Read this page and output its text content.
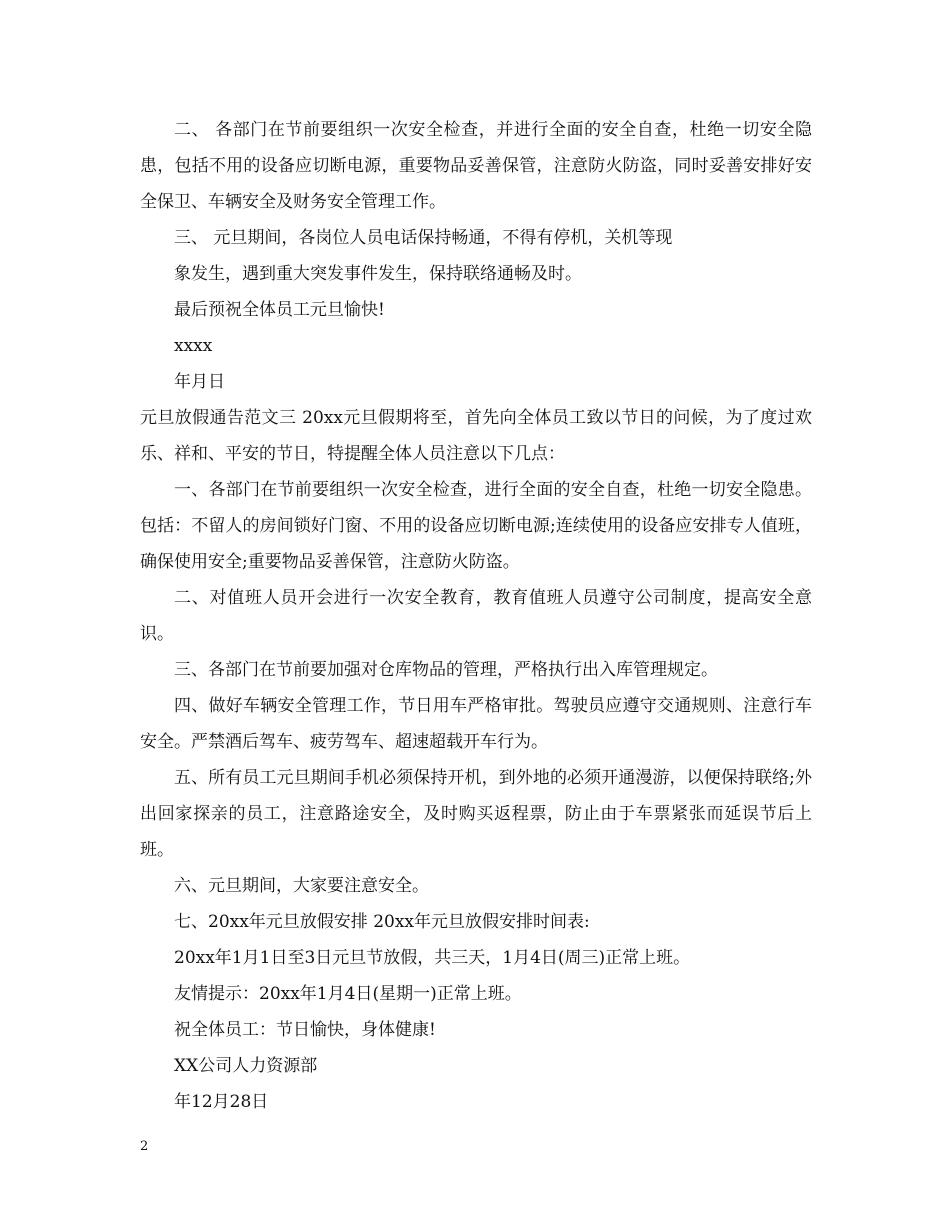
二、 各部门在节前要组织一次安全检查，并进行全面的安全自查，杜绝一切安全隐患，包括不用的设备应切断电源，重要物品妥善保管，注意防火防盗，同时妥善安排好安全保卫、车辆安全及财务安全管理工作。

三、 元旦期间，各岗位人员电话保持畅通，不得有停机，关机等现

象发生，遇到重大突发事件发生，保持联络通畅及时。

最后预祝全体员工元旦愉快!

xxxx

年月日

元旦放假通告范文三 20xx元旦假期将至，首先向全体员工致以节日的问候，为了度过欢乐、祥和、平安的节日，特提醒全体人员注意以下几点：

一、各部门在节前要组织一次安全检查，进行全面的安全自查，杜绝一切安全隐患。包括：不留人的房间锁好门窗、不用的设备应切断电源;连续使用的设备应安排专人值班，确保使用安全;重要物品妥善保管，注意防火防盗。

二、对值班人员开会进行一次安全教育，教育值班人员遵守公司制度，提高安全意识。

三、各部门在节前要加强对仓库物品的管理，严格执行出入库管理规定。

四、做好车辆安全管理工作，节日用车严格审批。驾驶员应遵守交通规则、注意行车安全。严禁酒后驾车、疲劳驾车、超速超载开车行为。

五、所有员工元旦期间手机必须保持开机，到外地的必须开通漫游，以便保持联络;外出回家探亲的员工，注意路途安全，及时购买返程票，防止由于车票紧张而延误节后上班。

六、元旦期间，大家要注意安全。

七、20xx年元旦放假安排 20xx年元旦放假安排时间表:

20xx年1月1日至3日元旦节放假，共三天，1月4日(周三)正常上班。

友情提示：20xx年1月4日(星期一)正常上班。

祝全体员工：节日愉快，身体健康!

XX公司人力资源部

年12月28日

2
